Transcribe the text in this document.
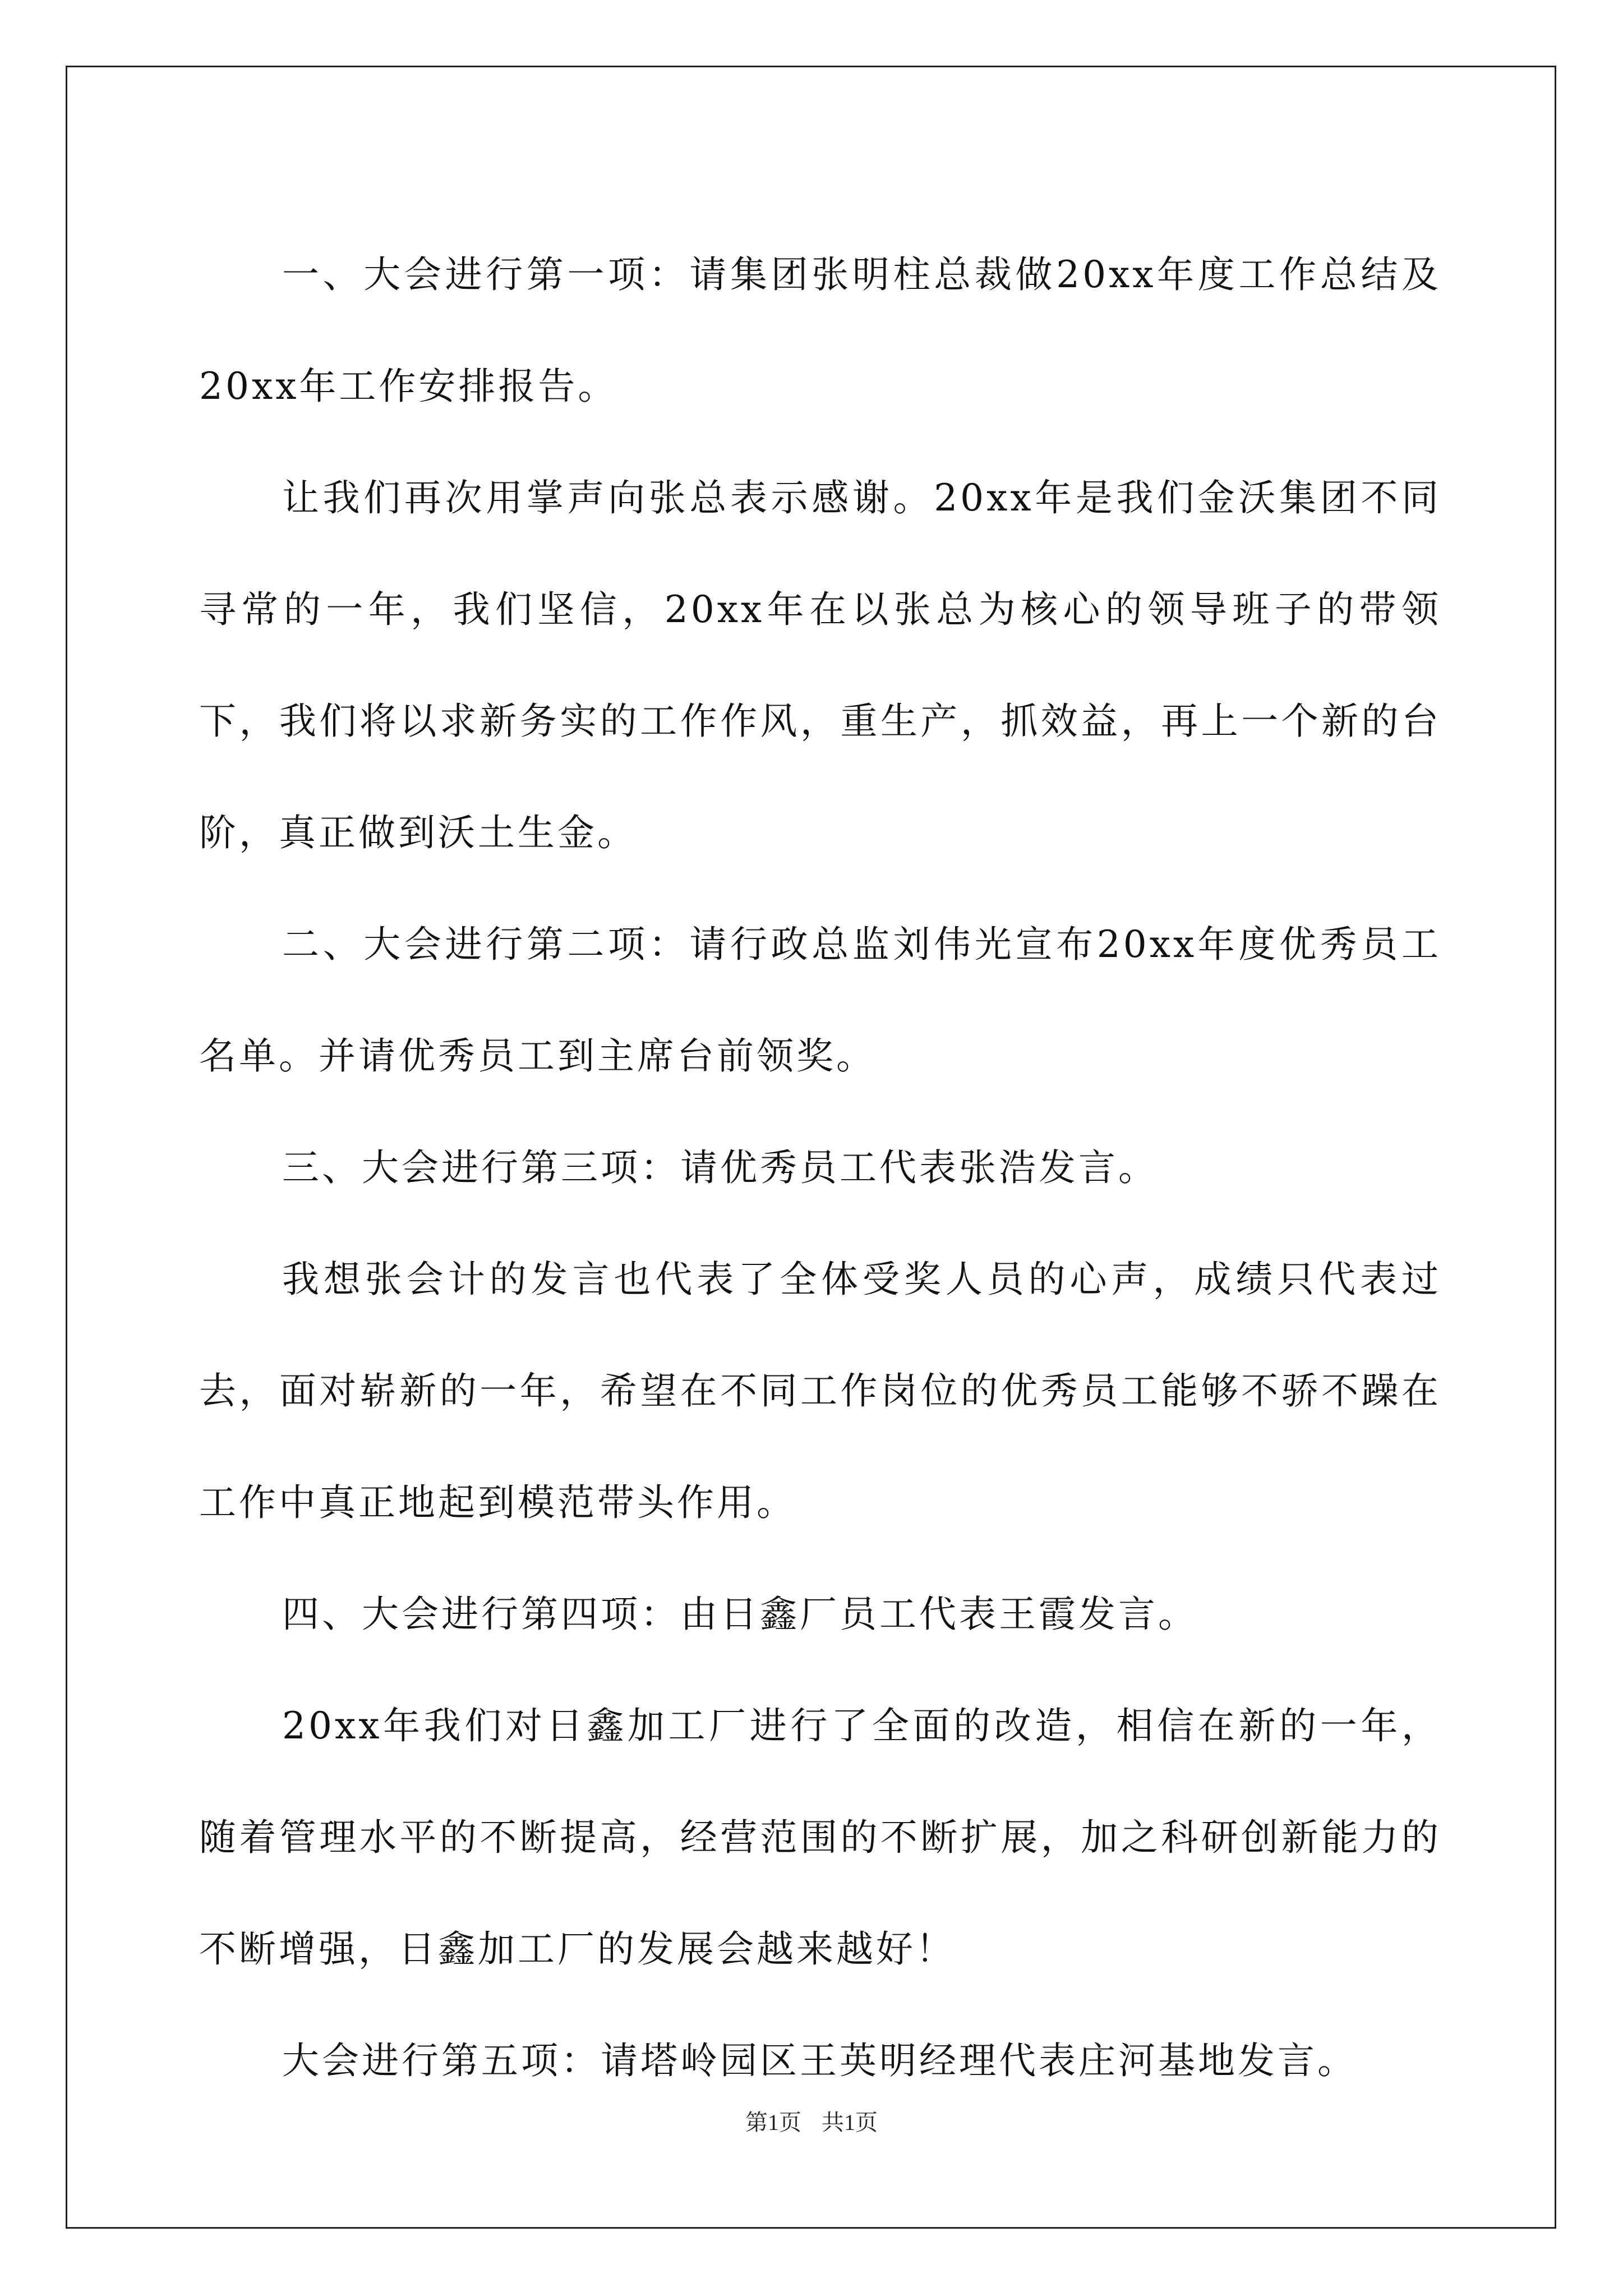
一、大会进行第一项：请集团张明柱总裁做20xx年度工作总结及20xx年工作安排报告。

让我们再次用掌声向张总表示感谢。20xx年是我们金沃集团不同寻常的一年，我们坚信，20xx年在以张总为核心的领导班子的带领下，我们将以求新务实的工作作风，重生产，抓效益，再上一个新的台阶，真正做到沃土生金。

二、大会进行第二项：请行政总监刘伟光宣布20xx年度优秀员工名单。并请优秀员工到主席台前领奖。

三、大会进行第三项：请优秀员工代表张浩发言。

我想张会计的发言也代表了全体受奖人员的心声，成绩只代表过去，面对崭新的一年，希望在不同工作岗位的优秀员工能够不骄不躁在工作中真正地起到模范带头作用。

四、大会进行第四项：由日鑫厂员工代表王霞发言。

20xx年我们对日鑫加工厂进行了全面的改造，相信在新的一年，随着管理水平的不断提高，经营范围的不断扩展，加之科研创新能力的不断增强，日鑫加工厂的发展会越来越好！

大会进行第五项：请塔岭园区王英明经理代表庄河基地发言。

第1页 共1页
